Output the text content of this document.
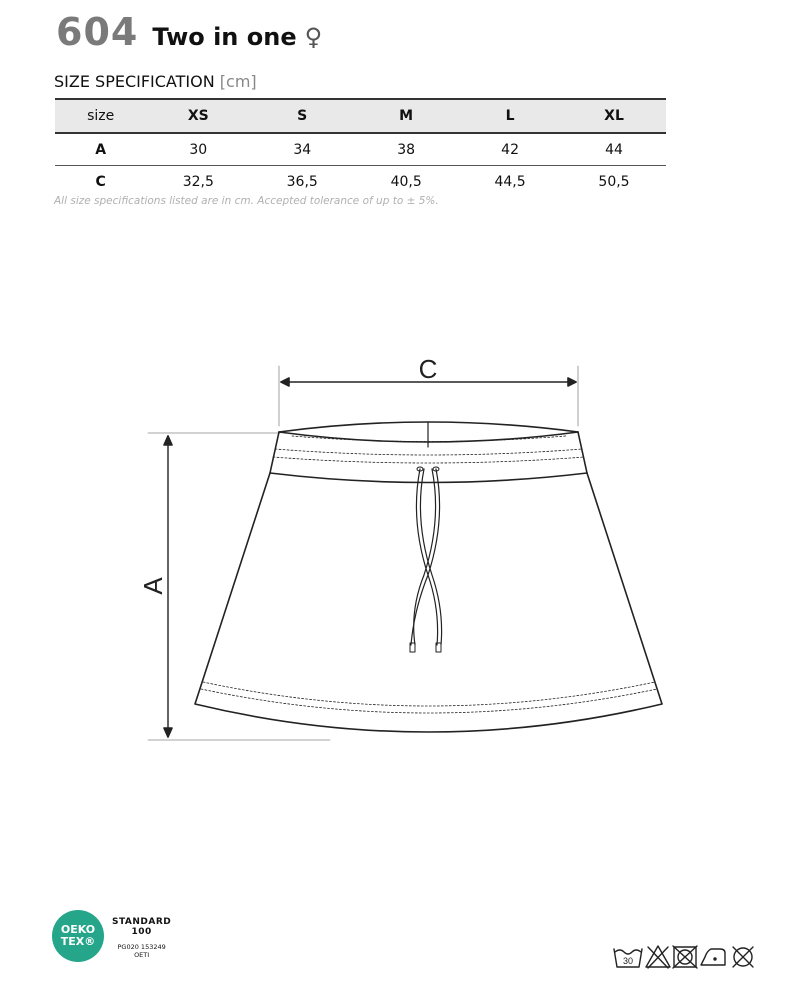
604 Two in one ♀
SIZE SPECIFICATION [cm]
size	XS	S	M	L	XL
A	30	34	38	42	44
C	32,5	36,5	40,5	44,5	50,5
All size specifications listed are in cm. Accepted tolerance of up to ± 5%.
C
A
OEKO
TEX®
STANDARD
100
PG020 153249
OETI
30
